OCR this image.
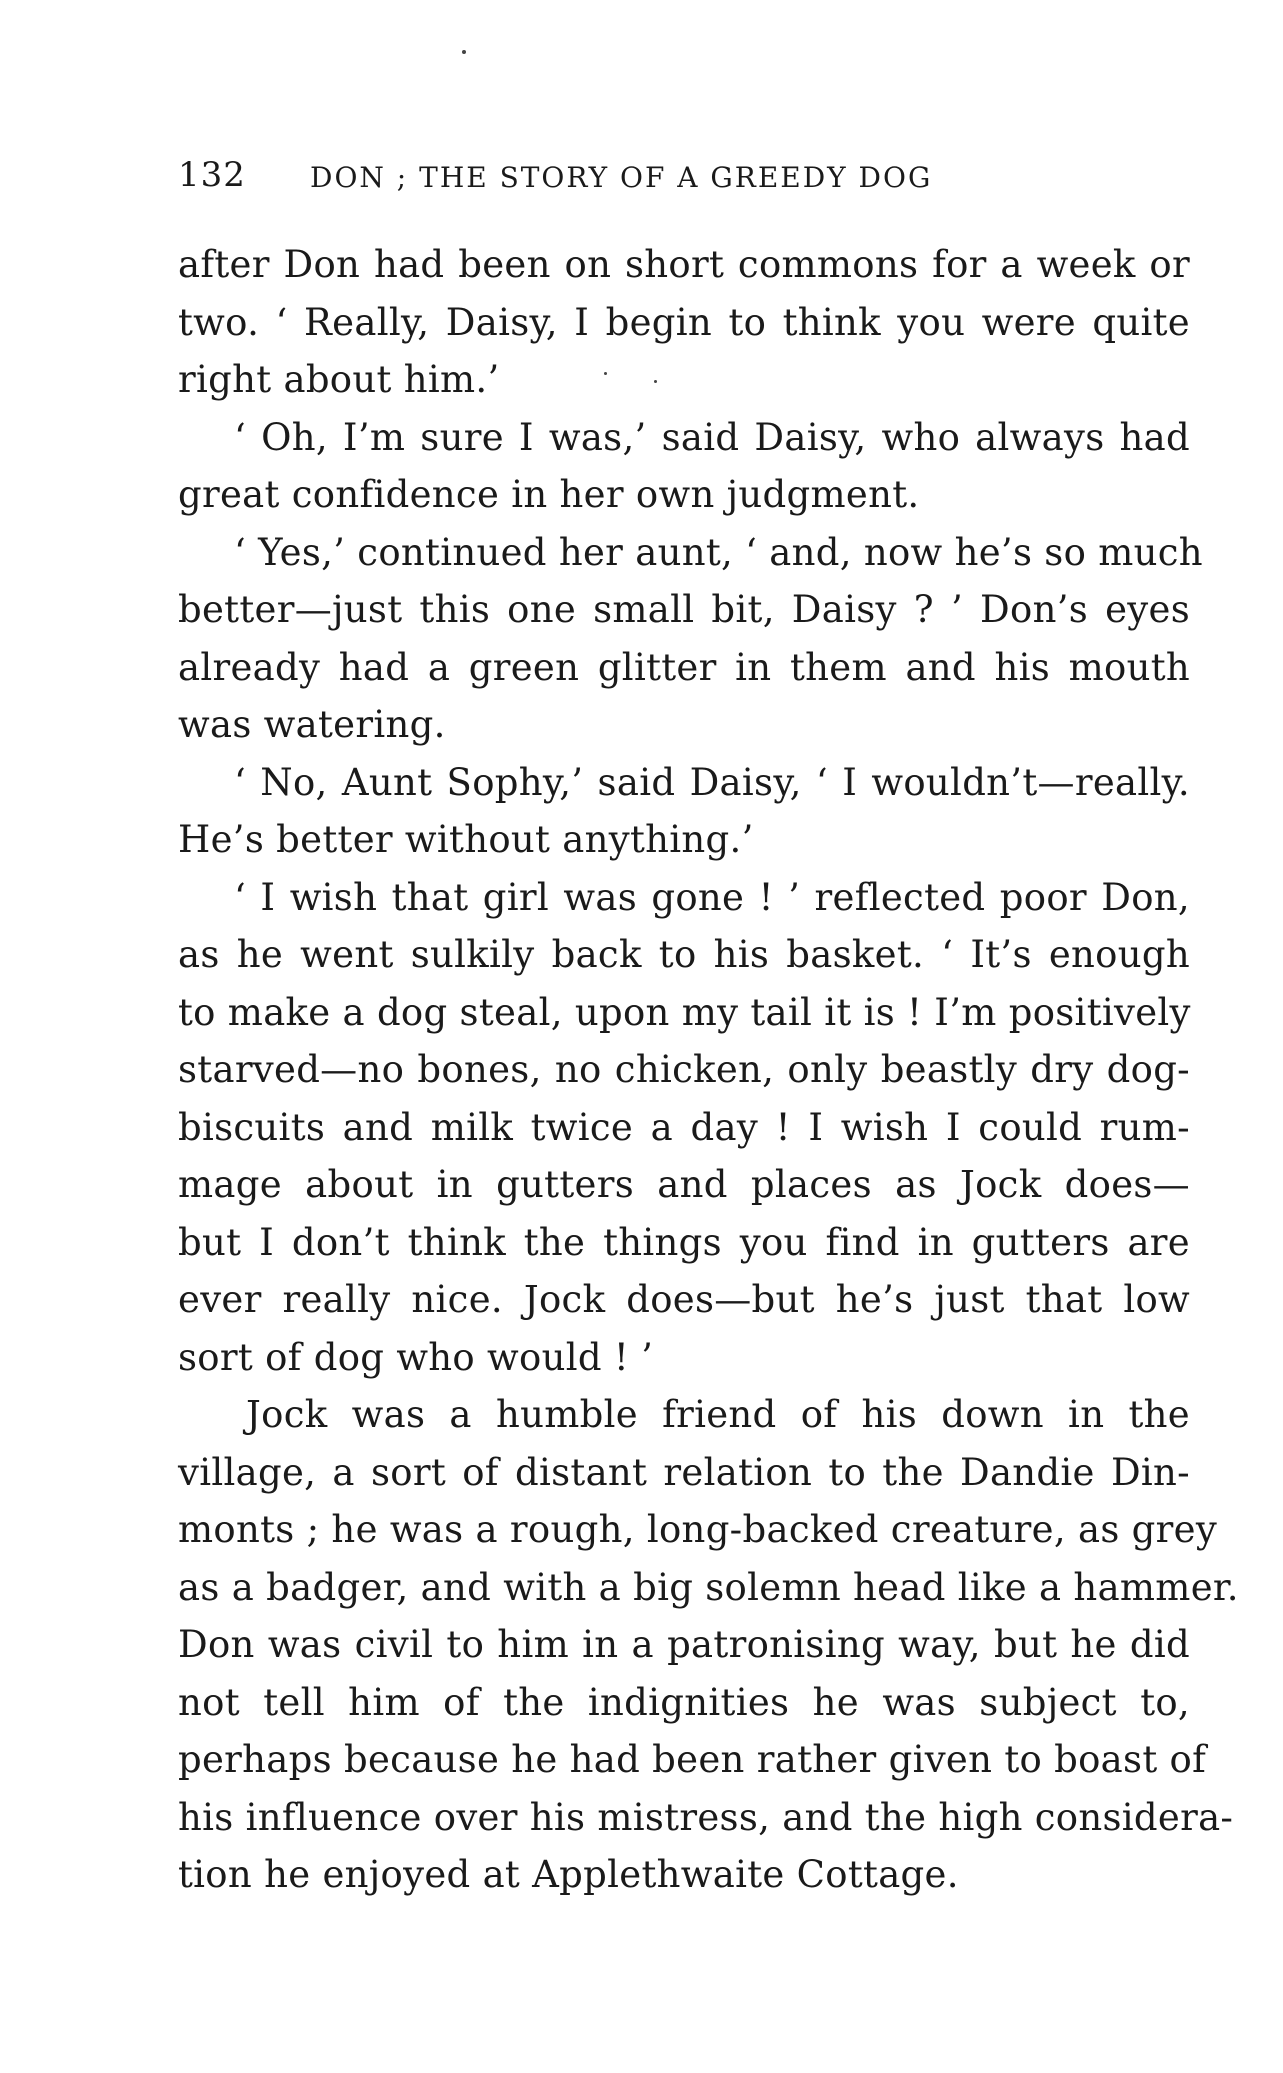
132 DON ; THE STORY OF A GREEDY DOG
after Don had been on short commons for a week or
two. ‘ Really, Daisy, I begin to think you were quite
right about him.’
‘ Oh, I’m sure I was,’ said Daisy, who always had
great confidence in her own judgment.
‘ Yes,’ continued her aunt, ‘ and, now he’s so much
better—just this one small bit, Daisy ? ’ Don’s eyes
already had a green glitter in them and his mouth
was watering.
‘ No, Aunt Sophy,’ said Daisy, ‘ I wouldn’t—really.
He’s better without anything.’
‘ I wish that girl was gone ! ’ reflected poor Don,
as he went sulkily back to his basket. ‘ It’s enough
to make a dog steal, upon my tail it is ! I’m positively
starved—no bones, no chicken, only beastly dry dog-
biscuits and milk twice a day ! I wish I could rum-
mage about in gutters and places as Jock does—
but I don’t think the things you find in gutters are
ever really nice. Jock does—but he’s just that low
sort of dog who would ! ’
Jock was a humble friend of his down in the
village, a sort of distant relation to the Dandie Din-
monts ; he was a rough, long-backed creature, as grey
as a badger, and with a big solemn head like a hammer.
Don was civil to him in a patronising way, but he did
not tell him of the indignities he was subject to,
perhaps because he had been rather given to boast of
his influence over his mistress, and the high considera-
tion he enjoyed at Applethwaite Cottage.
